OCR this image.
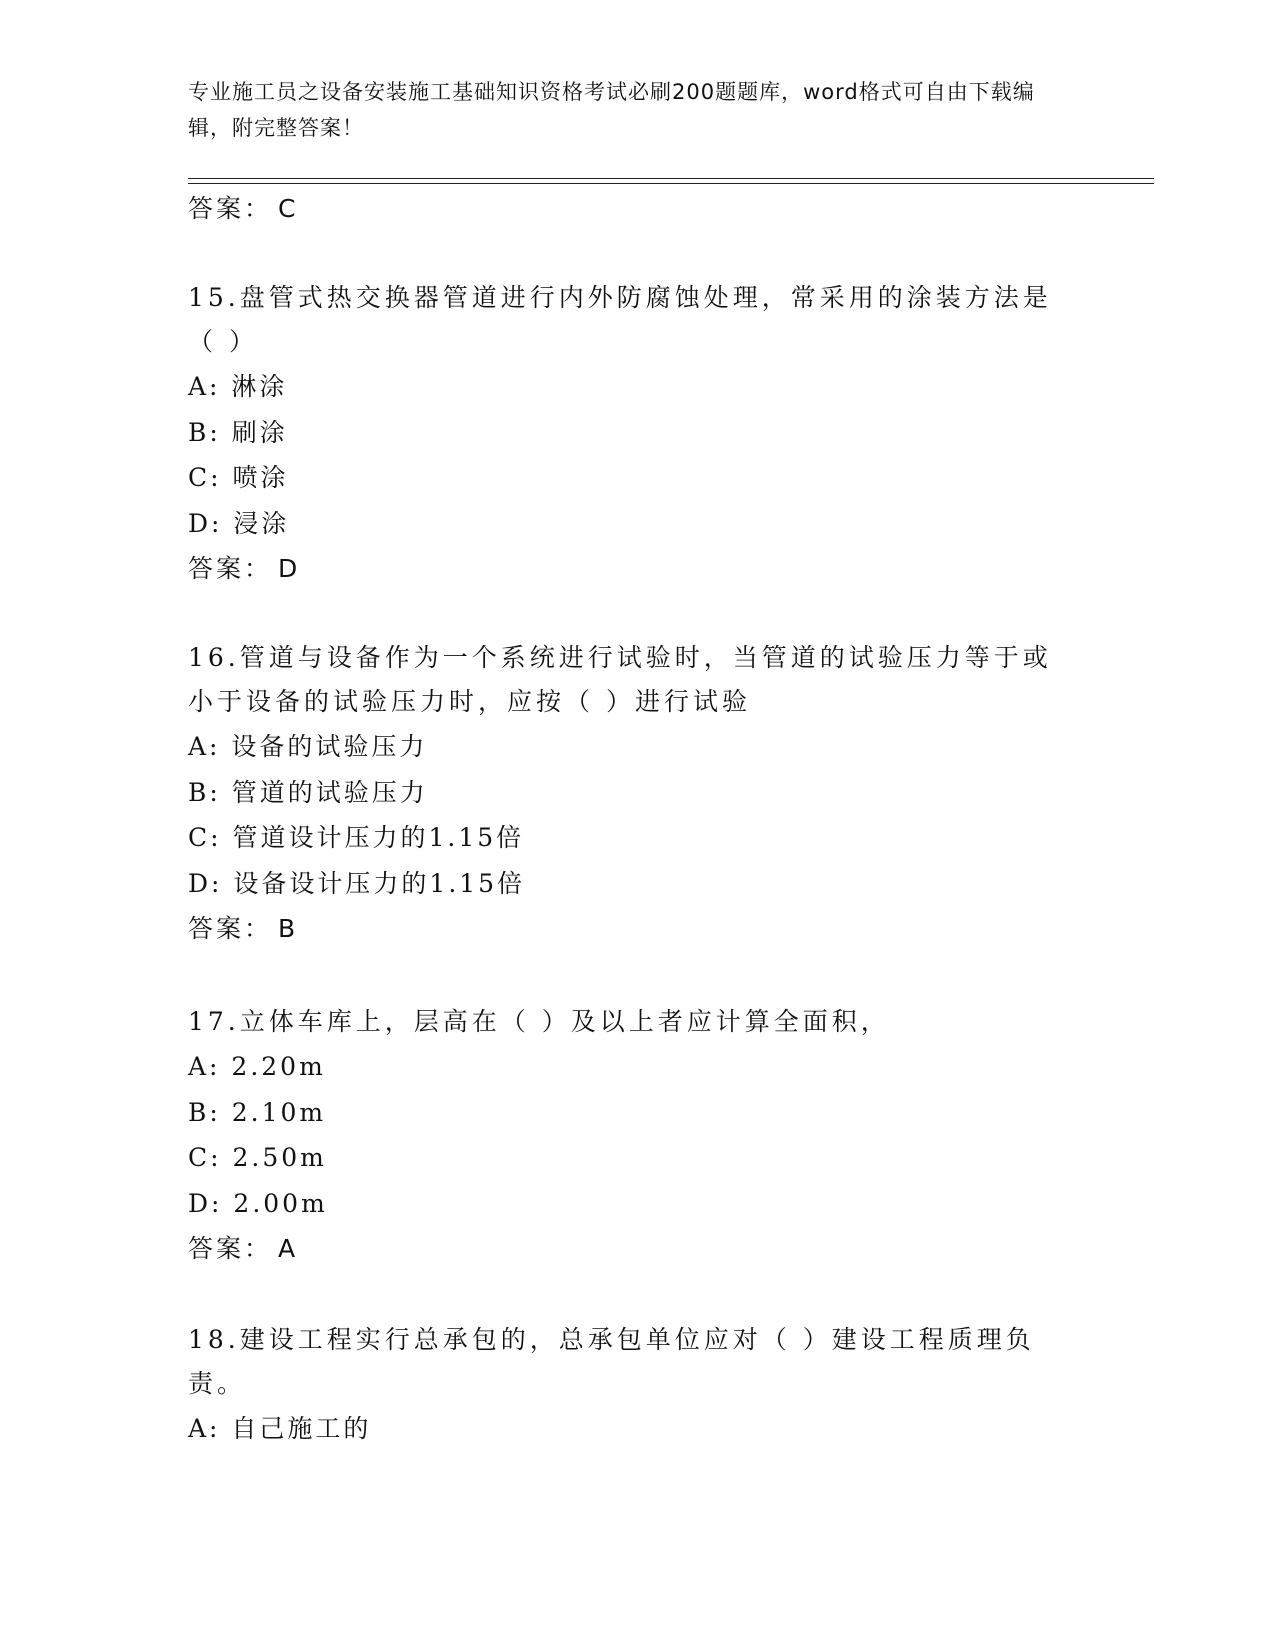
专业施工员之设备安装施工基础知识资格考试必刷200题题库，word格式可自由下载编辑，附完整答案！

答案： C

15.盘管式热交换器管道进行内外防腐蚀处理，常采用的涂装方法是（ ）

A: 淋涂

B: 刷涂

C: 喷涂

D: 浸涂

答案： D

16.管道与设备作为一个系统进行试验时，当管道的试验压力等于或小于设备的试验压力时，应按（ ）进行试验

A: 设备的试验压力

B: 管道的试验压力

C: 管道设计压力的1.15倍

D: 设备设计压力的1.15倍

答案： B

17.立体车库上，层高在（ ）及以上者应计算全面积，

A: 2.20m

B: 2.10m

C: 2.50m

D: 2.00m

答案： A

18.建设工程实行总承包的，总承包单位应对（ ）建设工程质理负责。

A: 自己施工的
